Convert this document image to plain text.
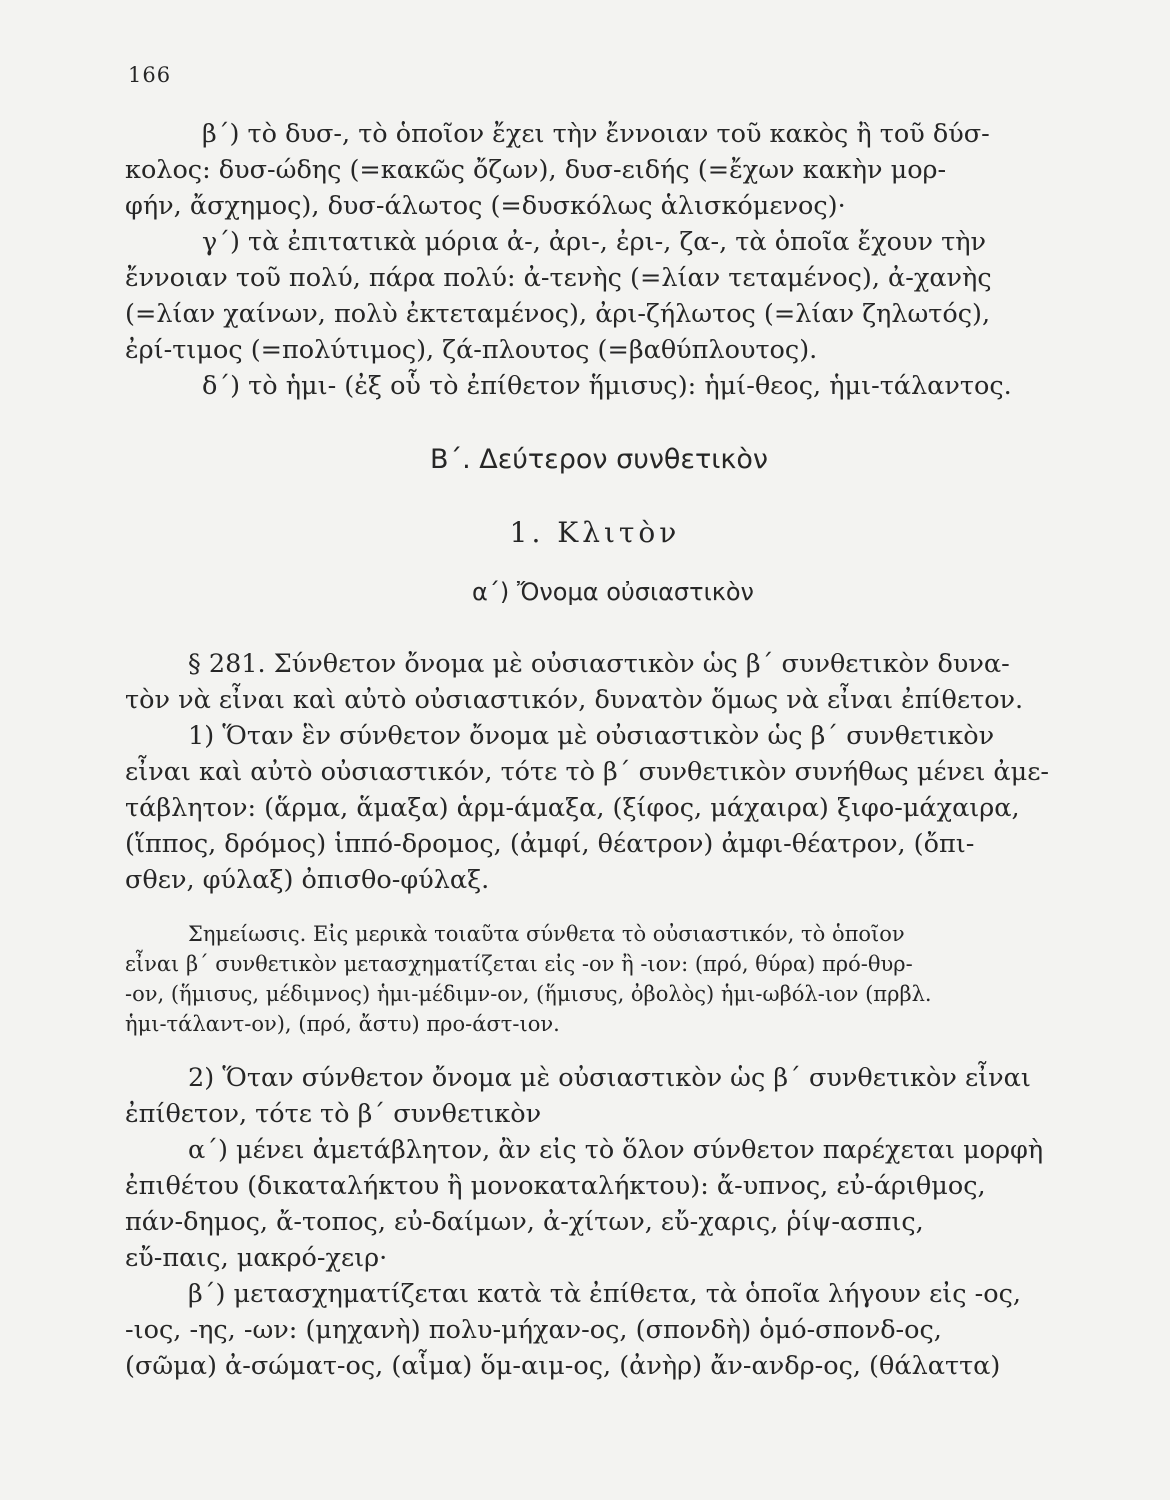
166
β΄) τὸ δυσ-, τὸ ὁποῖον ἔχει τὴν ἔννοιαν τοῦ κακὸς ἢ τοῦ δύσ-
κολος: δυσ-ώδης (=κακῶς ὄζων), δυσ-ειδής (=ἔχων κακὴν μορ-
φήν, ἄσχημος), δυσ-άλωτος (=δυσκόλως ἁλισκόμενος)·
γ΄) τὰ ἐπιτατικὰ μόρια ἀ-, ἀρι-, ἐρι-, ζα-, τὰ ὁποῖα ἔχουν τὴν
ἔννοιαν τοῦ πολύ, πάρα πολύ: ἀ-τενὴς (=λίαν τεταμένος), ἀ-χανὴς
(=λίαν χαίνων, πολὺ ἐκτεταμένος), ἀρι-ζήλωτος (=λίαν ζηλωτός),
ἐρί-τιμος (=πολύτιμος), ζά-πλουτος (=βαθύπλουτος).
δ΄) τὸ ἡμι- (ἐξ οὗ τὸ ἐπίθετον ἥμισυς): ἡμί-θεος, ἡμι-τάλαντος.
Β΄. Δεύτερον συνθετικὸν
1. Κλιτὸν
α΄) Ὄνομα οὐσιαστικὸν
§ 281. Σύνθετον ὄνομα μὲ οὐσιαστικὸν ὡς β΄ συνθετικὸν δυνα-
τὸν νὰ εἶναι καὶ αὐτὸ οὐσιαστικόν, δυνατὸν ὅμως νὰ εἶναι ἐπίθετον.
1) Ὅταν ἓν σύνθετον ὄνομα μὲ οὐσιαστικὸν ὡς β΄ συνθετικὸν
εἶναι καὶ αὐτὸ οὐσιαστικόν, τότε τὸ β΄ συνθετικὸν συνήθως μένει ἀμε-
τάβλητον: (ἅρμα, ἅμαξα) ἁρμ-άμαξα, (ξίφος, μάχαιρα) ξιφο-μάχαιρα,
(ἵππος, δρόμος) ἱππό-δρομος, (ἀμφί, θέατρον) ἀμφι-θέατρον, (ὄπι-
σθεν, φύλαξ) ὀπισθο-φύλαξ.
Σημείωσις. Εἰς μερικὰ τοιαῦτα σύνθετα τὸ οὐσιαστικόν, τὸ ὁποῖον
εἶναι β΄ συνθετικὸν μετασχηματίζεται εἰς -ον ἢ -ιον: (πρό, θύρα) πρό-θυρ-
-ον, (ἥμισυς, μέδιμνος) ἡμι-μέδιμν-ον, (ἥμισυς, ὀβολὸς) ἡμι-ωβόλ-ιον (πρβλ.
ἡμι-τάλαντ-ον), (πρό, ἄστυ) προ-άστ-ιον.
2) Ὅταν σύνθετον ὄνομα μὲ οὐσιαστικὸν ὡς β΄ συνθετικὸν εἶναι
ἐπίθετον, τότε τὸ β΄ συνθετικὸν
α΄) μένει ἀμετάβλητον, ἂν εἰς τὸ ὅλον σύνθετον παρέχεται μορφὴ
ἐπιθέτου (δικαταλήκτου ἢ μονοκαταλήκτου): ἄ-υπνος, εὐ-άριθμος,
πάν-δημος, ἄ-τοπος, εὐ-δαίμων, ἀ-χίτων, εὔ-χαρις, ῥίψ-ασπις,
εὔ-παις, μακρό-χειρ·
β΄) μετασχηματίζεται κατὰ τὰ ἐπίθετα, τὰ ὁποῖα λήγουν εἰς -ος,
-ιος, -ης, -ων: (μηχανὴ) πολυ-μήχαν-ος, (σπονδὴ) ὁμό-σπονδ-ος,
(σῶμα) ἀ-σώματ-ος, (αἷμα) ὅμ-αιμ-ος, (ἀνὴρ) ἄν-ανδρ-ος, (θάλαττα)
